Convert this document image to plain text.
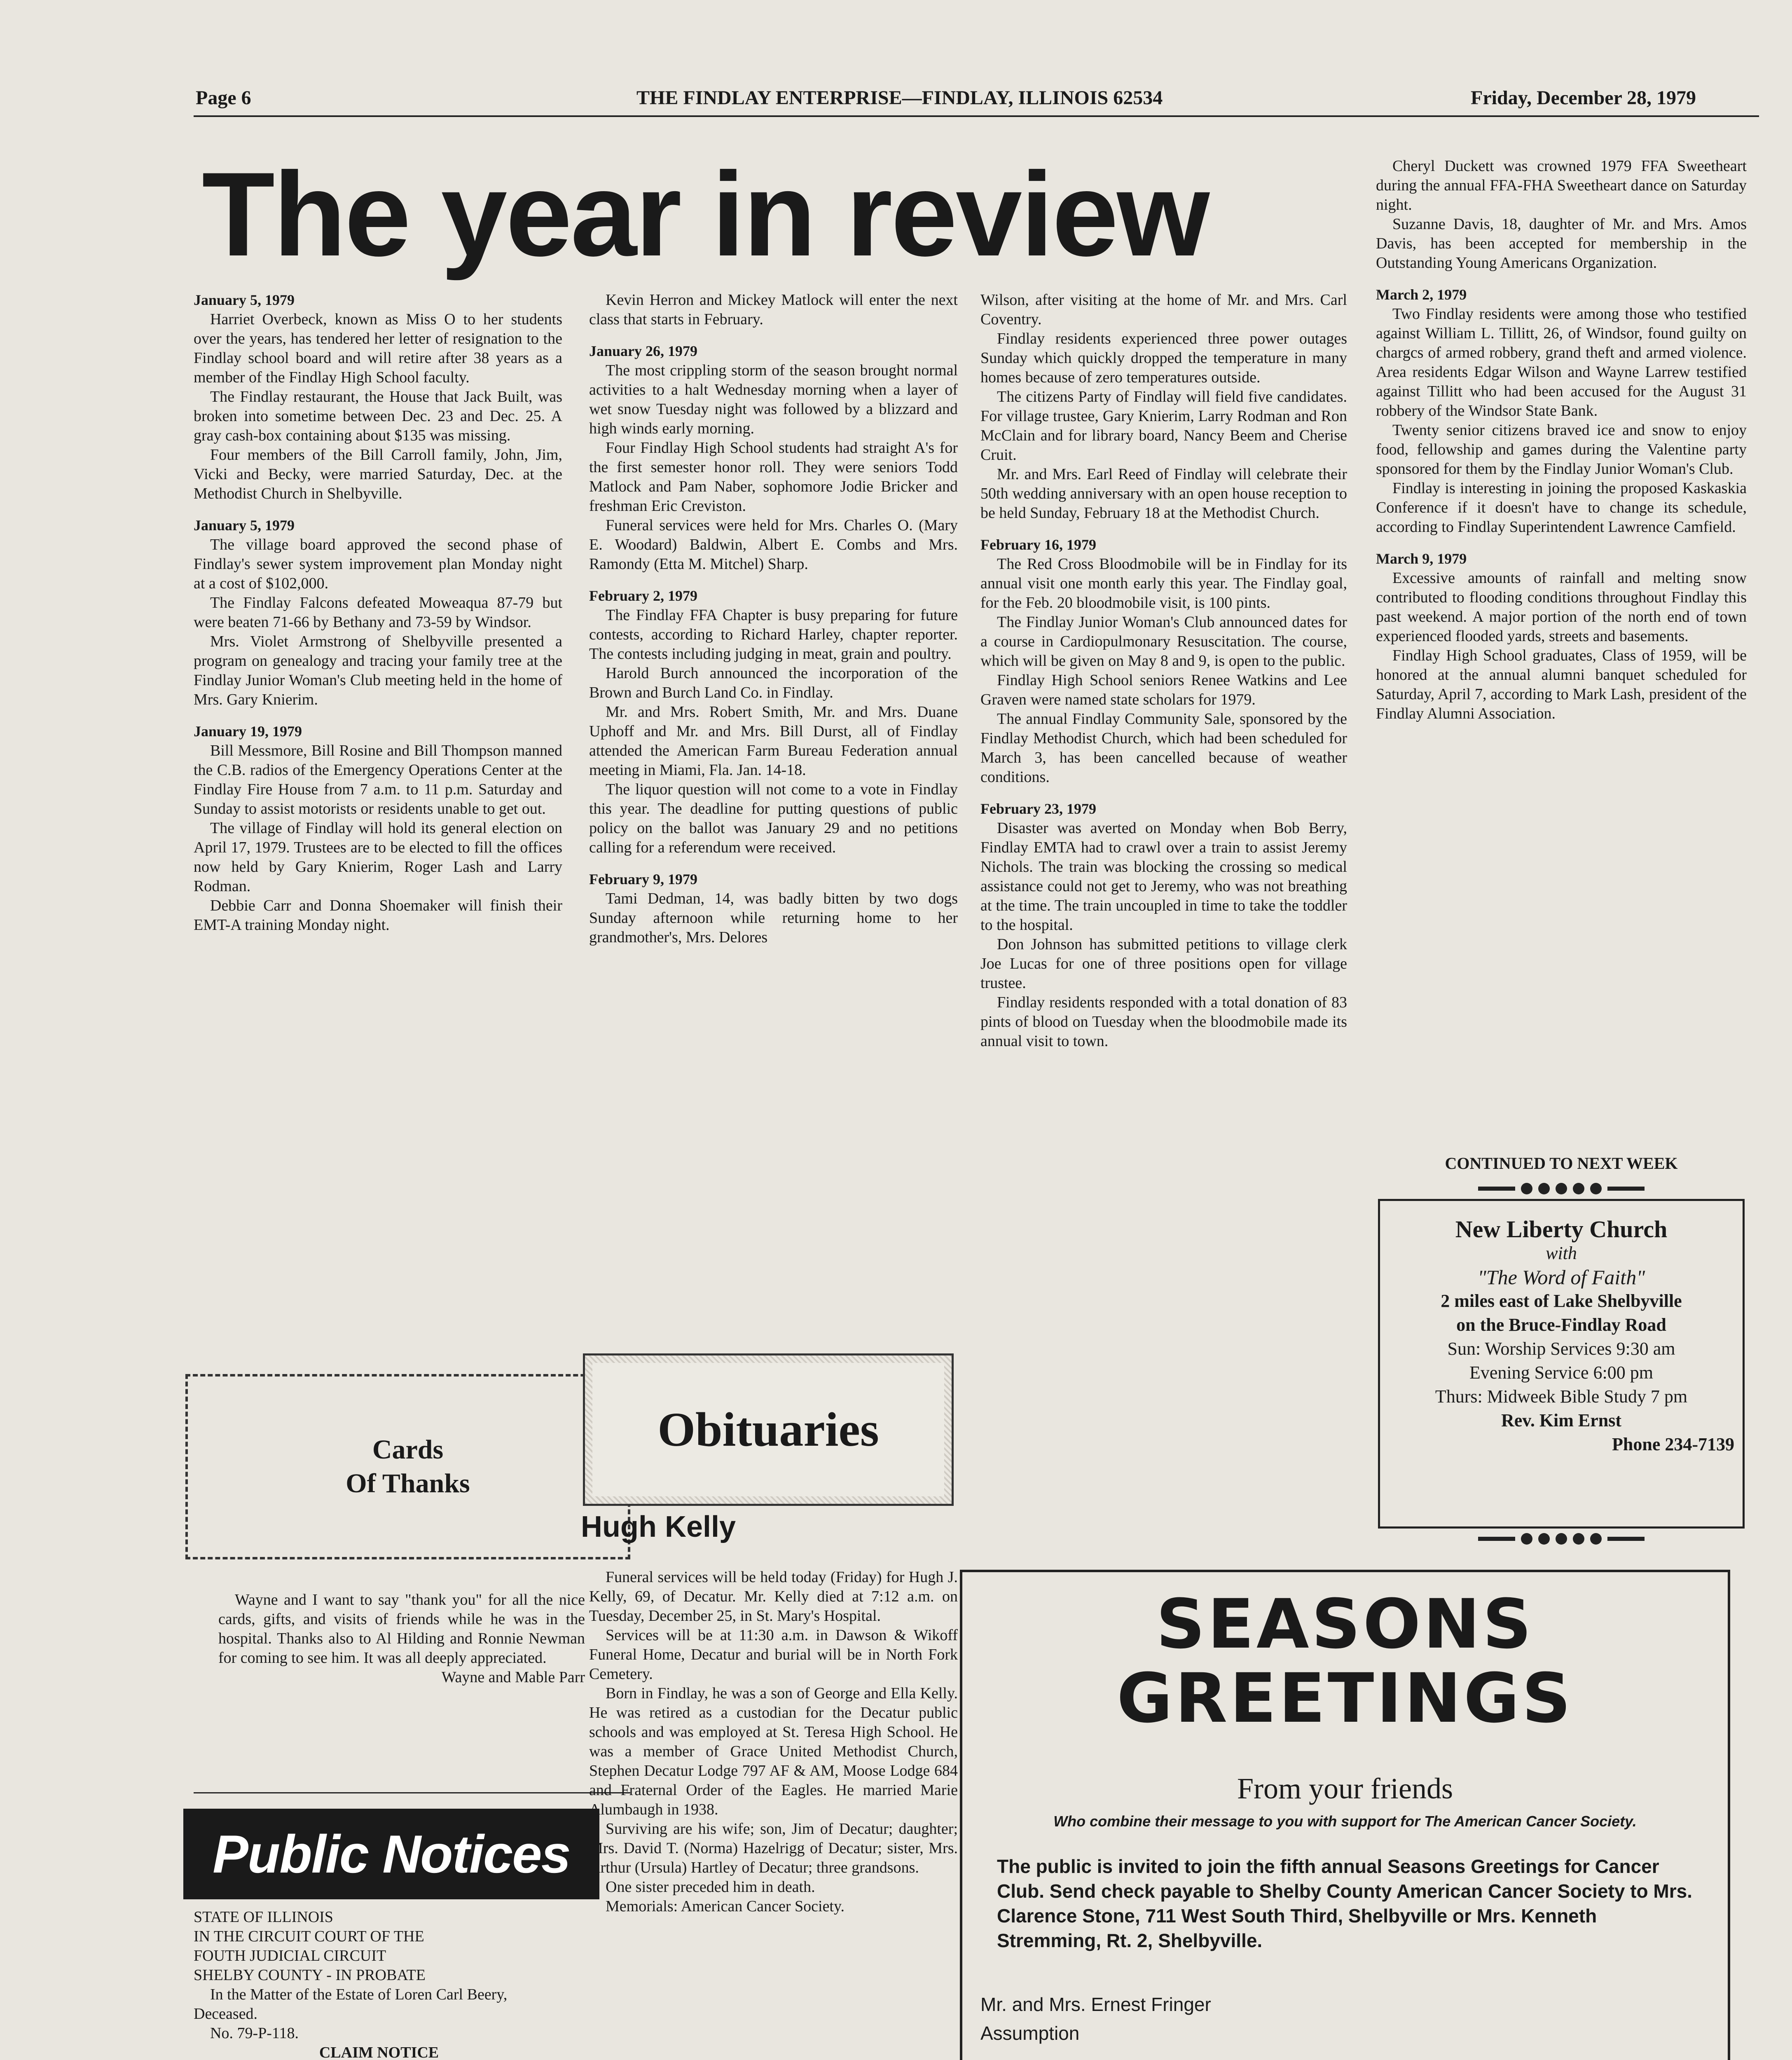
Page 6	THE FINDLAY ENTERPRISE—FINDLAY, ILLINOIS 62534	Friday, December 28, 1979
The year in review

January 5, 1979

Harriet Overbeck, known as Miss O to her students over the years, has tendered her letter of resignation to the Findlay school board and will retire after 38 years as a member of the Findlay High School faculty.

The Findlay restaurant, the House that Jack Built, was broken into sometime between Dec. 23 and Dec. 25. A gray cash-box containing about $135 was missing.

Four members of the Bill Carroll family, John, Jim, Vicki and Becky, were married Saturday, Dec. at the Methodist Church in Shelbyville.

January 5, 1979

The village board approved the second phase of Findlay's sewer system improvement plan Monday night at a cost of $102,000.

The Findlay Falcons defeated Moweaqua 87-79 but were beaten 71-66 by Bethany and 73-59 by Windsor.

Mrs. Violet Armstrong of Shelbyville presented a program on genealogy and tracing your family tree at the Findlay Junior Woman's Club meeting held in the home of Mrs. Gary Knierim.

January 19, 1979

Bill Messmore, Bill Rosine and Bill Thompson manned the C.B. radios of the Emergency Operations Center at the Findlay Fire House from 7 a.m. to 11 p.m. Saturday and Sunday to assist motorists or residents unable to get out.

The village of Findlay will hold its general election on April 17, 1979. Trustees are to be elected to fill the offices now held by Gary Knierim, Roger Lash and Larry Rodman.

Debbie Carr and Donna Shoemaker will finish their EMT-A training Monday night.

Cards
Of Thanks

Wayne and I want to say "thank you" for all the nice cards, gifts, and visits of friends while he was in the hospital. Thanks also to Al Hilding and Ronnie Newman for coming to see him. It was all deeply appreciated.

Wayne and Mable Parr

Public Notices

STATE OF ILLINOIS

IN THE CIRCUIT COURT OF THE

FOUTH JUDICIAL CIRCUIT

SHELBY COUNTY - IN PROBATE

In the Matter of the Estate of Loren Carl Beery, Deceased.

No. 79-P-118.

CLAIM NOTICE

Kevin Herron and Mickey Matlock will enter the next class that starts in February.

January 26, 1979

The most crippling storm of the season brought normal activities to a halt Wednesday morning when a layer of wet snow Tuesday night was followed by a blizzard and high winds early morning.

Four Findlay High School students had straight A's for the first semester honor roll. They were seniors Todd Matlock and Pam Naber, sophomore Jodie Bricker and freshman Eric Creviston.

Funeral services were held for Mrs. Charles O. (Mary E. Woodard) Baldwin, Albert E. Combs and Mrs. Ramondy (Etta M. Mitchel) Sharp.

February 2, 1979

The Findlay FFA Chapter is busy preparing for future contests, according to Richard Harley, chapter reporter. The contests including judging in meat, grain and poultry.

Harold Burch announced the incorporation of the Brown and Burch Land Co. in Findlay.

Mr. and Mrs. Robert Smith, Mr. and Mrs. Duane Uphoff and Mr. and Mrs. Bill Durst, all of Findlay attended the American Farm Bureau Federation annual meeting in Miami, Fla. Jan. 14-18.

The liquor question will not come to a vote in Findlay this year. The deadline for putting questions of public policy on the ballot was January 29 and no petitions calling for a referendum were received.

February 9, 1979

Tami Dedman, 14, was badly bitten by two dogs Sunday afternoon while returning home to her grandmother's, Mrs. Delores

Obituaries
Hugh Kelly

Funeral services will be held today (Friday) for Hugh J. Kelly, 69, of Decatur. Mr. Kelly died at 7:12 a.m. on Tuesday, December 25, in St. Mary's Hospital.

Services will be at 11:30 a.m. in Dawson & Wikoff Funeral Home, Decatur and burial will be in North Fork Cemetery.

Born in Findlay, he was a son of George and Ella Kelly. He was retired as a custodian for the Decatur public schools and was employed at St. Teresa High School. He was a member of Grace United Methodist Church, Stephen Decatur Lodge 797 AF & AM, Moose Lodge 684 and Fraternal Order of the Eagles. He married Marie Alumbaugh in 1938.

Surviving are his wife; son, Jim of Decatur; daughter; Mrs. David T. (Norma) Hazelrigg of Decatur; sister, Mrs. Arthur (Ursula) Hartley of Decatur; three grandsons.

One sister preceded him in death.

Memorials: American Cancer Society.

Wilson, after visiting at the home of Mr. and Mrs. Carl Coventry.

Findlay residents experienced three power outages Sunday which quickly dropped the temperature in many homes because of zero temperatures outside.

The citizens Party of Findlay will field five candidates. For village trustee, Gary Knierim, Larry Rodman and Ron McClain and for library board, Nancy Beem and Cherise Cruit.

Mr. and Mrs. Earl Reed of Findlay will celebrate their 50th wedding anniversary with an open house reception to be held Sunday, February 18 at the Methodist Church.

February 16, 1979

The Red Cross Bloodmobile will be in Findlay for its annual visit one month early this year. The Findlay goal, for the Feb. 20 bloodmobile visit, is 100 pints.

The Findlay Junior Woman's Club announced dates for a course in Cardiopulmonary Resuscitation. The course, which will be given on May 8 and 9, is open to the public.

Findlay High School seniors Renee Watkins and Lee Graven were named state scholars for 1979.

The annual Findlay Community Sale, sponsored by the Findlay Methodist Church, which had been scheduled for March 3, has been cancelled because of weather conditions.

February 23, 1979

Disaster was averted on Monday when Bob Berry, Findlay EMTA had to crawl over a train to assist Jeremy Nichols. The train was blocking the crossing so medical assistance could not get to Jeremy, who was not breathing at the time. The train uncoupled in time to take the toddler to the hospital.

Don Johnson has submitted petitions to village clerk Joe Lucas for one of three positions open for village trustee.

Findlay residents responded with a total donation of 83 pints of blood on Tuesday when the bloodmobile made its annual visit to town.

Cheryl Duckett was crowned 1979 FFA Sweetheart during the annual FFA-FHA Sweetheart dance on Saturday night.

Suzanne Davis, 18, daughter of Mr. and Mrs. Amos Davis, has been accepted for membership in the Outstanding Young Americans Organization.

March 2, 1979

Two Findlay residents were among those who testified against William L. Tillitt, 26, of Windsor, found guilty on chargcs of armed robbery, grand theft and armed violence. Area residents Edgar Wilson and Wayne Larrew testified against Tillitt who had been accused for the August 31 robbery of the Windsor State Bank.

Twenty senior citizens braved ice and snow to enjoy food, fellowship and games during the Valentine party sponsored for them by the Findlay Junior Woman's Club.

Findlay is interesting in joining the proposed Kaskaskia Conference if it doesn't have to change its schedule, according to Findlay Superintendent Lawrence Camfield.

March 9, 1979

Excessive amounts of rainfall and melting snow contributed to flooding conditions throughout Findlay this past weekend. A major portion of the north end of town experienced flooded yards, streets and basements.

Findlay High School graduates, Class of 1959, will be honored at the annual alumni banquet scheduled for Saturday, April 7, according to Mark Lash, president of the Findlay Alumni Association.

CONTINUED TO NEXT WEEK
New Liberty Church
with
"The Word of Faith"
2 miles east of Lake Shelbyville
on the Bruce-Findlay Road
Sun: Worship Services 9:30 am
Evening Service 6:00 pm
Thurs: Midweek Bible Study 7 pm
Rev. Kim Ernst
Phone 234-7139
SEASONS
GREETINGS
From your friends
Who combine their message to you with support for The American Cancer Society.
The public is invited to join the fifth annual Seasons Greetings for Cancer Club. Send check payable to Shelby County American Cancer Society to Mrs. Clarence Stone, 711 West South Third, Shelbyville or Mrs. Kenneth Stremming, Rt. 2, Shelbyville.
Mr. and Mrs. Ernest Fringer
Assumption
